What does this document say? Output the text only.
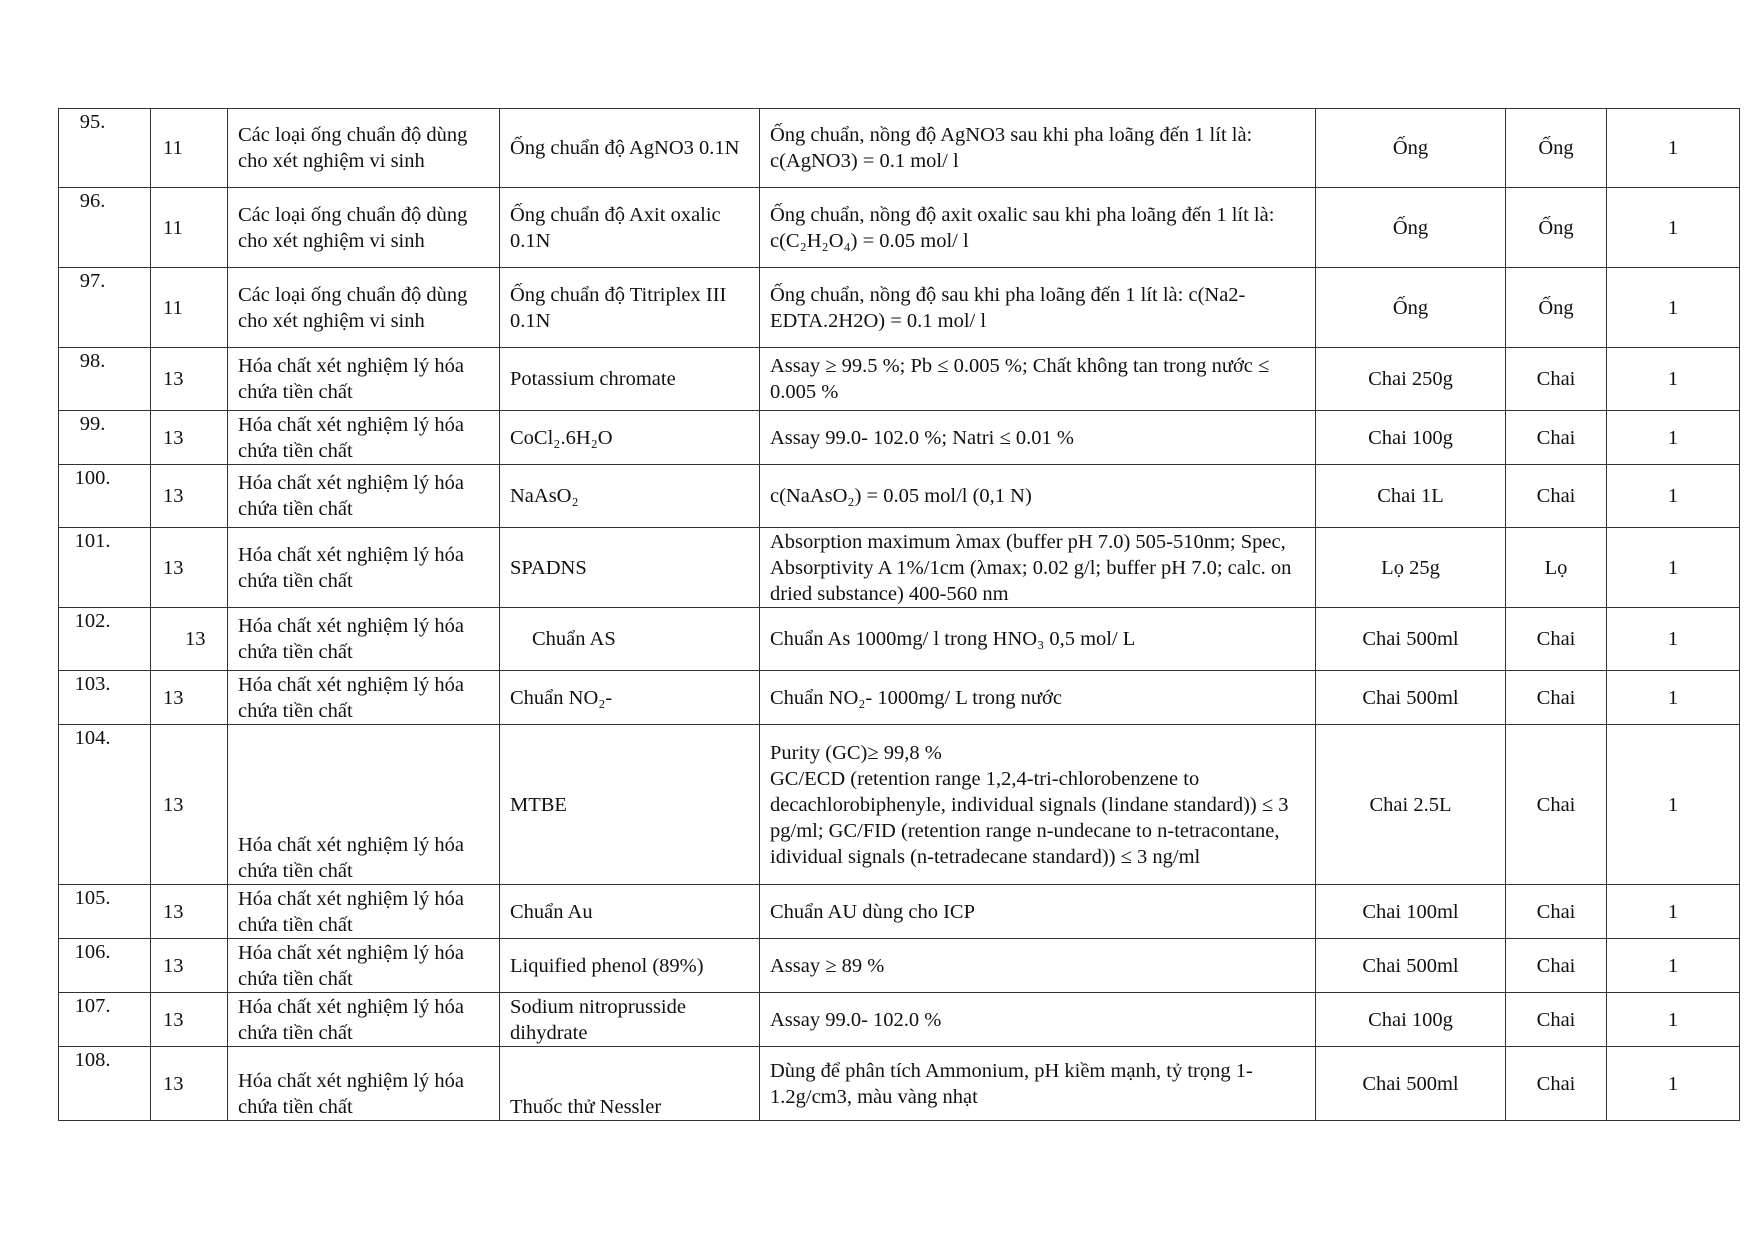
95.	11	Các loại ống chuẩn độ dùng cho xét nghiệm vi sinh	Ống chuẩn độ AgNO3 0.1N	Ống chuẩn, nồng độ AgNO3 sau khi pha loãng đến 1 lít là: c(AgNO3) = 0.1 mol/ l	Ống	Ống	1
96.	11	Các loại ống chuẩn độ dùng cho xét nghiệm vi sinh	Ống chuẩn độ Axit oxalic 0.1N	Ống chuẩn, nồng độ axit oxalic sau khi pha loãng đến 1 lít là: c(C₂H₂O₄) = 0.05 mol/ l	Ống	Ống	1
97.	11	Các loại ống chuẩn độ dùng cho xét nghiệm vi sinh	Ống chuẩn độ Titriplex III 0.1N	Ống chuẩn, nồng độ sau khi pha loãng đến 1 lít là: c(Na2-EDTA.2H2O) = 0.1 mol/ l	Ống	Ống	1
98.	13	Hóa chất xét nghiệm lý hóa chứa tiền chất	Potassium chromate	Assay ≥ 99.5 %; Pb ≤ 0.005 %; Chất không tan trong nước ≤ 0.005 %	Chai 250g	Chai	1
99.	13	Hóa chất xét nghiệm lý hóa chứa tiền chất	CoCl₂.6H₂O	Assay 99.0- 102.0 %; Natri ≤ 0.01 %	Chai 100g	Chai	1
100.	13	Hóa chất xét nghiệm lý hóa chứa tiền chất	NaAsO₂	c(NaAsO₂) = 0.05 mol/l (0,1 N)	Chai 1L	Chai	1
101.	13	Hóa chất xét nghiệm lý hóa chứa tiền chất	SPADNS	Absorption maximum λmax (buffer pH 7.0) 505-510nm; Spec, Absorptivity A 1%/1cm (λmax; 0.02 g/l; buffer pH 7.0; calc. on dried substance) 400-560 nm	Lọ 25g	Lọ	1
102.	13	Hóa chất xét nghiệm lý hóa chứa tiền chất	Chuẩn AS	Chuẩn As 1000mg/ l trong HNO₃ 0,5 mol/ L	Chai 500ml	Chai	1
103.	13	Hóa chất xét nghiệm lý hóa chứa tiền chất	Chuẩn NO₂-	Chuẩn NO₂- 1000mg/ L trong nước	Chai 500ml	Chai	1
104.	13	Hóa chất xét nghiệm lý hóa chứa tiền chất	MTBE	Purity (GC)≥ 99,8 %
GC/ECD (retention range 1,2,4-tri-chlorobenzene to decachlorobiphenyle, individual signals (lindane standard)) ≤ 3 pg/ml; GC/FID (retention range n-undecane to n-tetracontane, idividual signals (n-tetradecane standard)) ≤ 3 ng/ml	Chai 2.5L	Chai	1
105.	13	Hóa chất xét nghiệm lý hóa chứa tiền chất	Chuẩn Au	Chuẩn AU dùng cho ICP	Chai 100ml	Chai	1
106.	13	Hóa chất xét nghiệm lý hóa chứa tiền chất	Liquified phenol (89%)	Assay ≥ 89 %	Chai 500ml	Chai	1
107.	13	Hóa chất xét nghiệm lý hóa chứa tiền chất	Sodium nitroprusside dihydrate	Assay 99.0- 102.0 %	Chai 100g	Chai	1
108.	13	Hóa chất xét nghiệm lý hóa chứa tiền chất	Thuốc thử Nessler	Dùng để phân tích Ammonium, pH kiềm mạnh, tỷ trọng 1-1.2g/cm3, màu vàng nhạt	Chai 500ml	Chai	1
